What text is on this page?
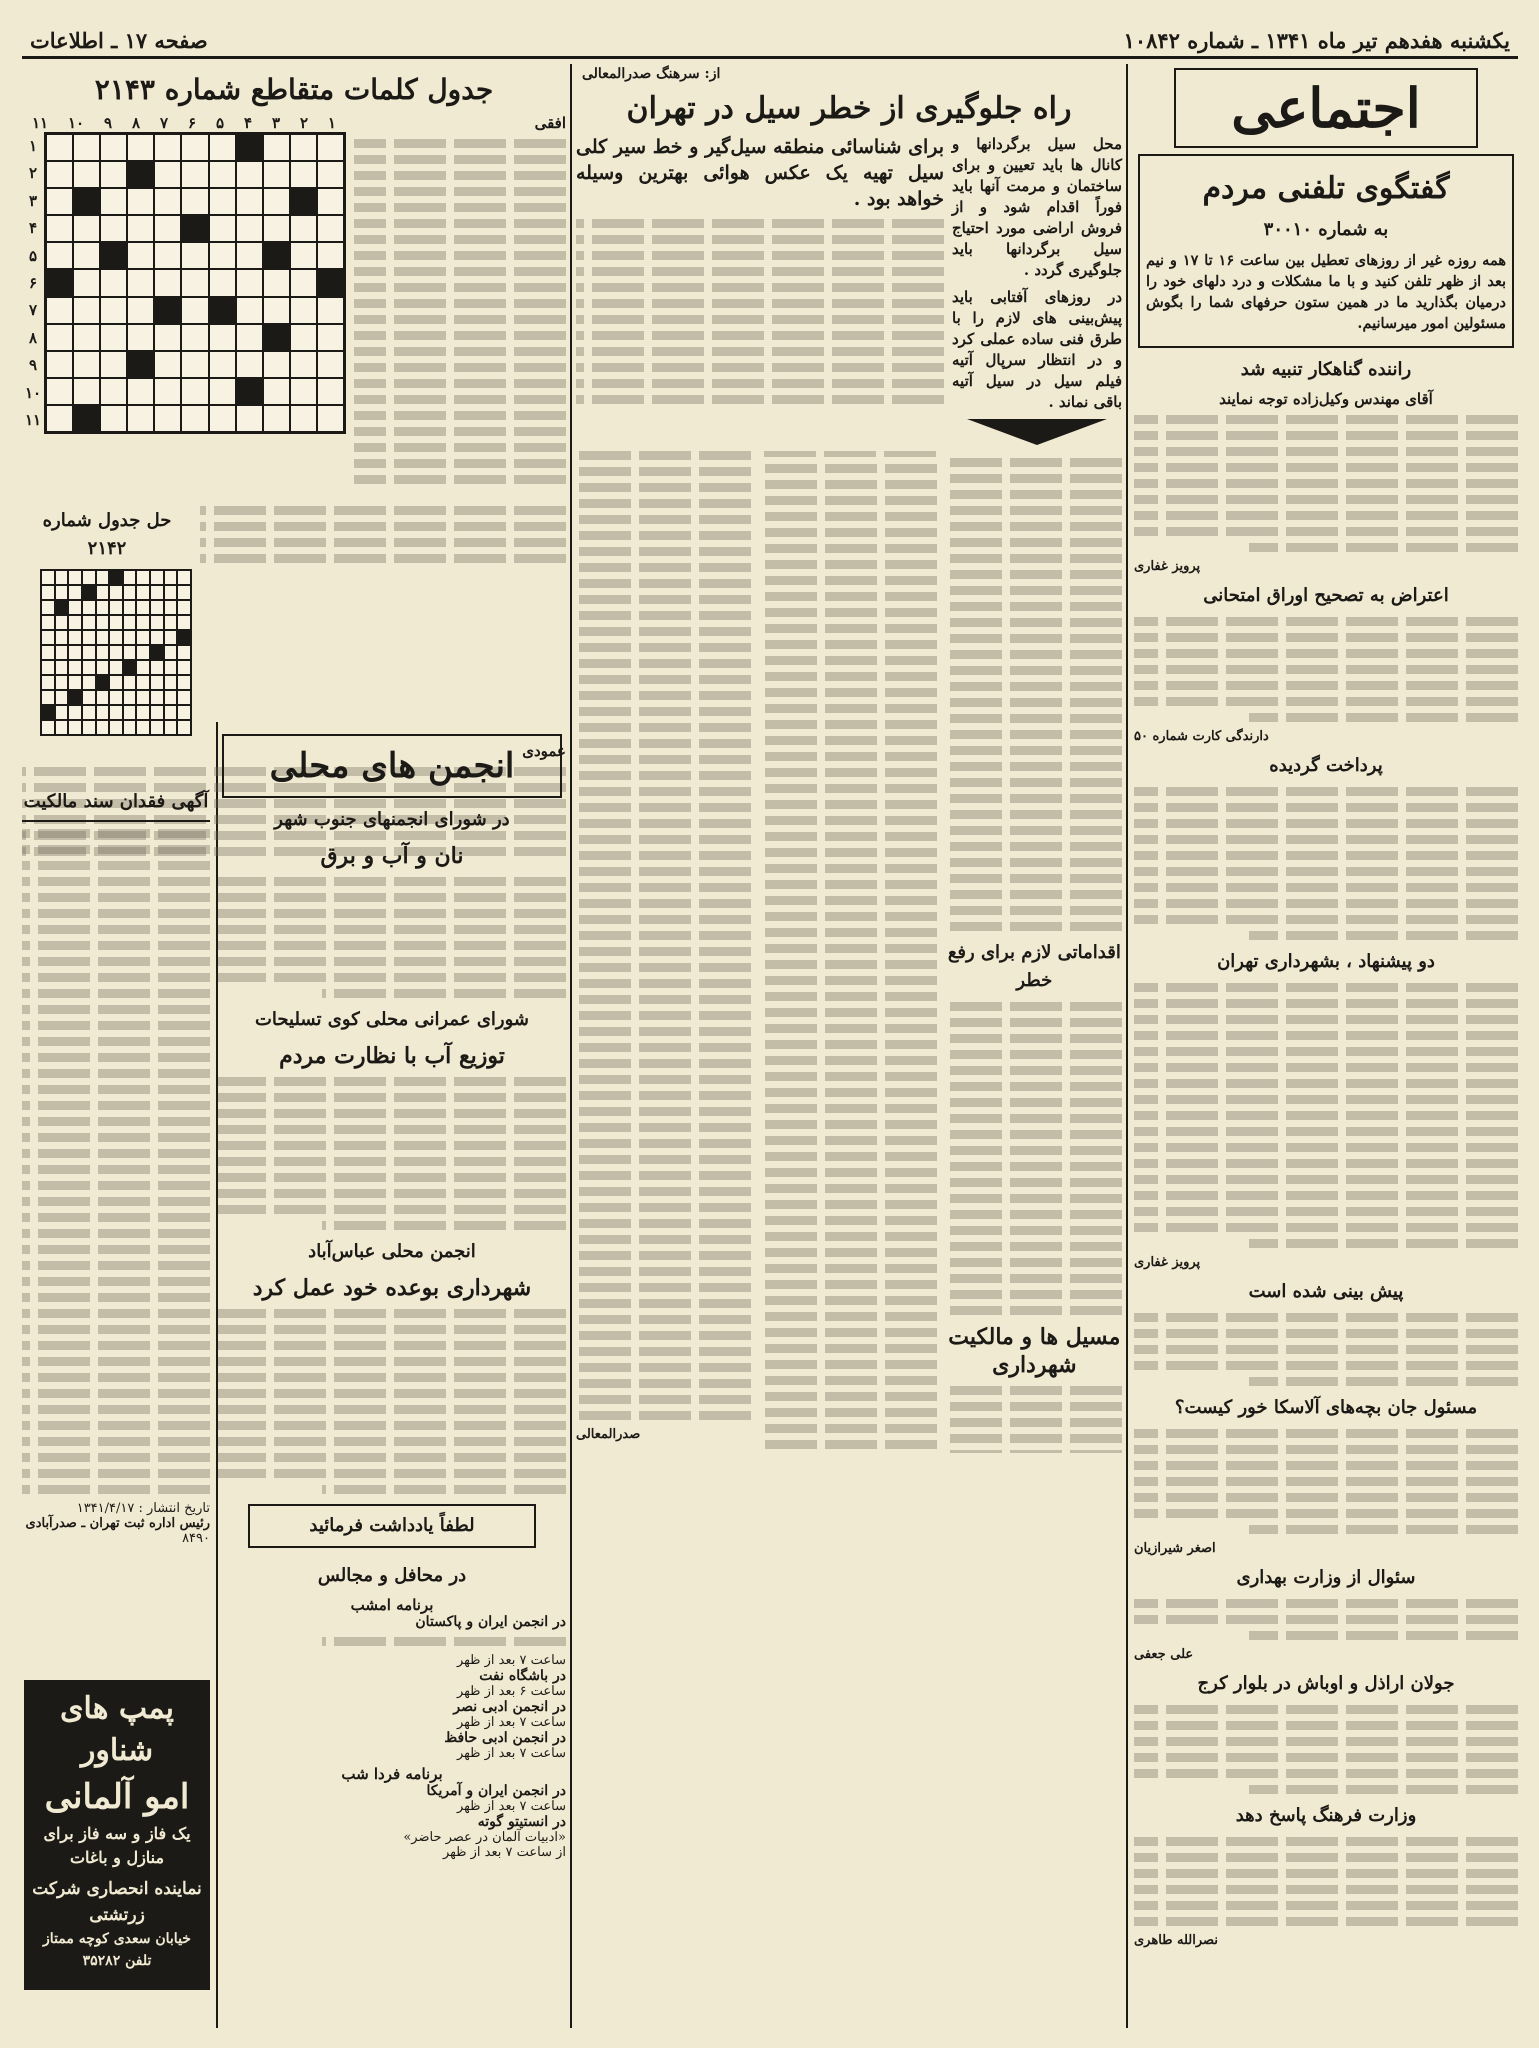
یکشنبه هفدهم تیر ماه ۱۳۴۱ ـ شماره ۱۰۸۴۲
صفحه ۱۷ ـ اطلاعات
اجتماعی
گفتگوی تلفنی مردم
به شماره ۳۰۰۱۰

همه روزه غیر از روزهای تعطیل بین ساعت ۱۶ تا ۱۷ و نیم بعد از ظهر تلفن کنید و با ما مشکلات و درد دلهای خود را درمیان بگذارید ما در همین ستون حرفهای شما را بگوش مسئولین امور میرسانیم.

راننده گناهکار تنبیه شد
آقای مهندس وکیل‌زاده توجه نمایند
پرویز غفاری
اعتراض به تصحیح اوراق امتحانی
دارندگی کارت شماره ۵۰
پرداخت گردیده
دو پیشنهاد ، بشهرداری تهران
پرویز غفاری
پیش بینی شده است
مسئول جان بچه‌های آلاسکا خور کیست؟
اصغر شیرازیان
سئوال از وزارت بهداری
علی جعفی
جولان اراذل و اوباش در بلوار کرج
وزارت فرهنگ پاسخ دهد
نصرالله طاهری
از: سرهنگ صدرالمعالی
راه جلوگیری از خطر سیل در تهران

محل سیل برگردانها و کانال ها باید تعیین و برای ساختمان و مرمت آنها باید فوراً اقدام شود و از فروش اراضی مورد احتیاج سیل برگردانها باید جلوگیری گردد .

در روزهای آفتابی باید پیش‌بینی های لازم را با طرق فنی ساده عملی کرد و در انتظار سرپال آتیه فیلم سیل در سیل آتیه باقی نماند .

برای شناسائی منطقه سیل‌گیر و خط سیر کلی سیل تهیه یک عکس هوائی بهترین وسیله خواهد بود .

اقداماتی لازم برای رفع خطر
مسیل ها و مالکیت شهرداری
صدرالمعالی
جدول کلمات متقاطع شماره ۲۱۴۳
افقی
۱۱ ۱۰ ۹ ۸ ۷ ۶ ۵ ۴ ۳ ۲ ۱
۱
۲
۳
۴
۵
۶
۷
۸
۹
۱۰
۱۱
حل جدول شماره ۲۱۴۲
عمودی
انجمن های محلی
در شورای انجمنهای جنوب شهر
نان و آب و برق
شورای عمرانی محلی کوی تسلیحات
توزیع آب با نظارت مردم
انجمن محلی عباس‌آباد
شهرداری بوعده خود عمل کرد
لطفاً یادداشت فرمائید
در محافل و مجالس
برنامه امشب
در انجمن ایران و پاکستان
ساعت ۷ بعد از ظهر
در باشگاه نفت
ساعت ۶ بعد از ظهر
در انجمن ادبی نصر
ساعت ۷ بعد از ظهر
در انجمن ادبی حافظ
ساعت ۷ بعد از ظهر
برنامه فردا شب
در انجمن ایران و آمریکا
ساعت ۷ بعد از ظهر
در انستیتو گوته
«ادبیات آلمان در عصر حاضر»
از ساعت ۷ بعد از ظهر
آگهی فقدان سند مالکیت
تاریخ انتشار : ۱۳۴۱/۴/۱۷
رئیس اداره ثبت تهران ـ صدرآبادی
۸۴۹۰
پمپ های شناور
امو آلمانی
یک فاز و سه فاز برای منازل و باغات
نماینده انحصاری شرکت زرتشتی
خیابان سعدی کوچه ممتاز تلفن ۳۵۲۸۲
